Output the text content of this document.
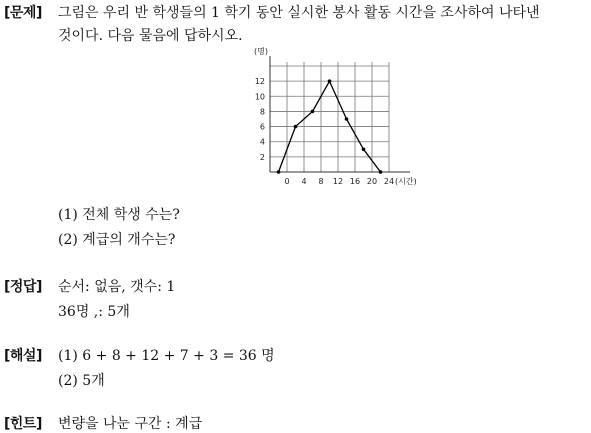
[문제] 그림은 우리 반 학생들의 1 학기 동안 실시한 봉사 활동 시간을 조사하여 나타낸
것이다. 다음 물음에 답하시오.
2
4
6
8
10
12
(명)
0 4 8 12 16 20 24 (시간)
(1) 전체 학생 수는?
(2) 계급의 개수는?
[정답] 순서: 없음, 갯수: 1
36명 ,: 5개
[해설] (1) 6 + 8 + 12 + 7 + 3 = 36 명
(2) 5개
[힌트] 변량을 나눈 구간 : 계급
